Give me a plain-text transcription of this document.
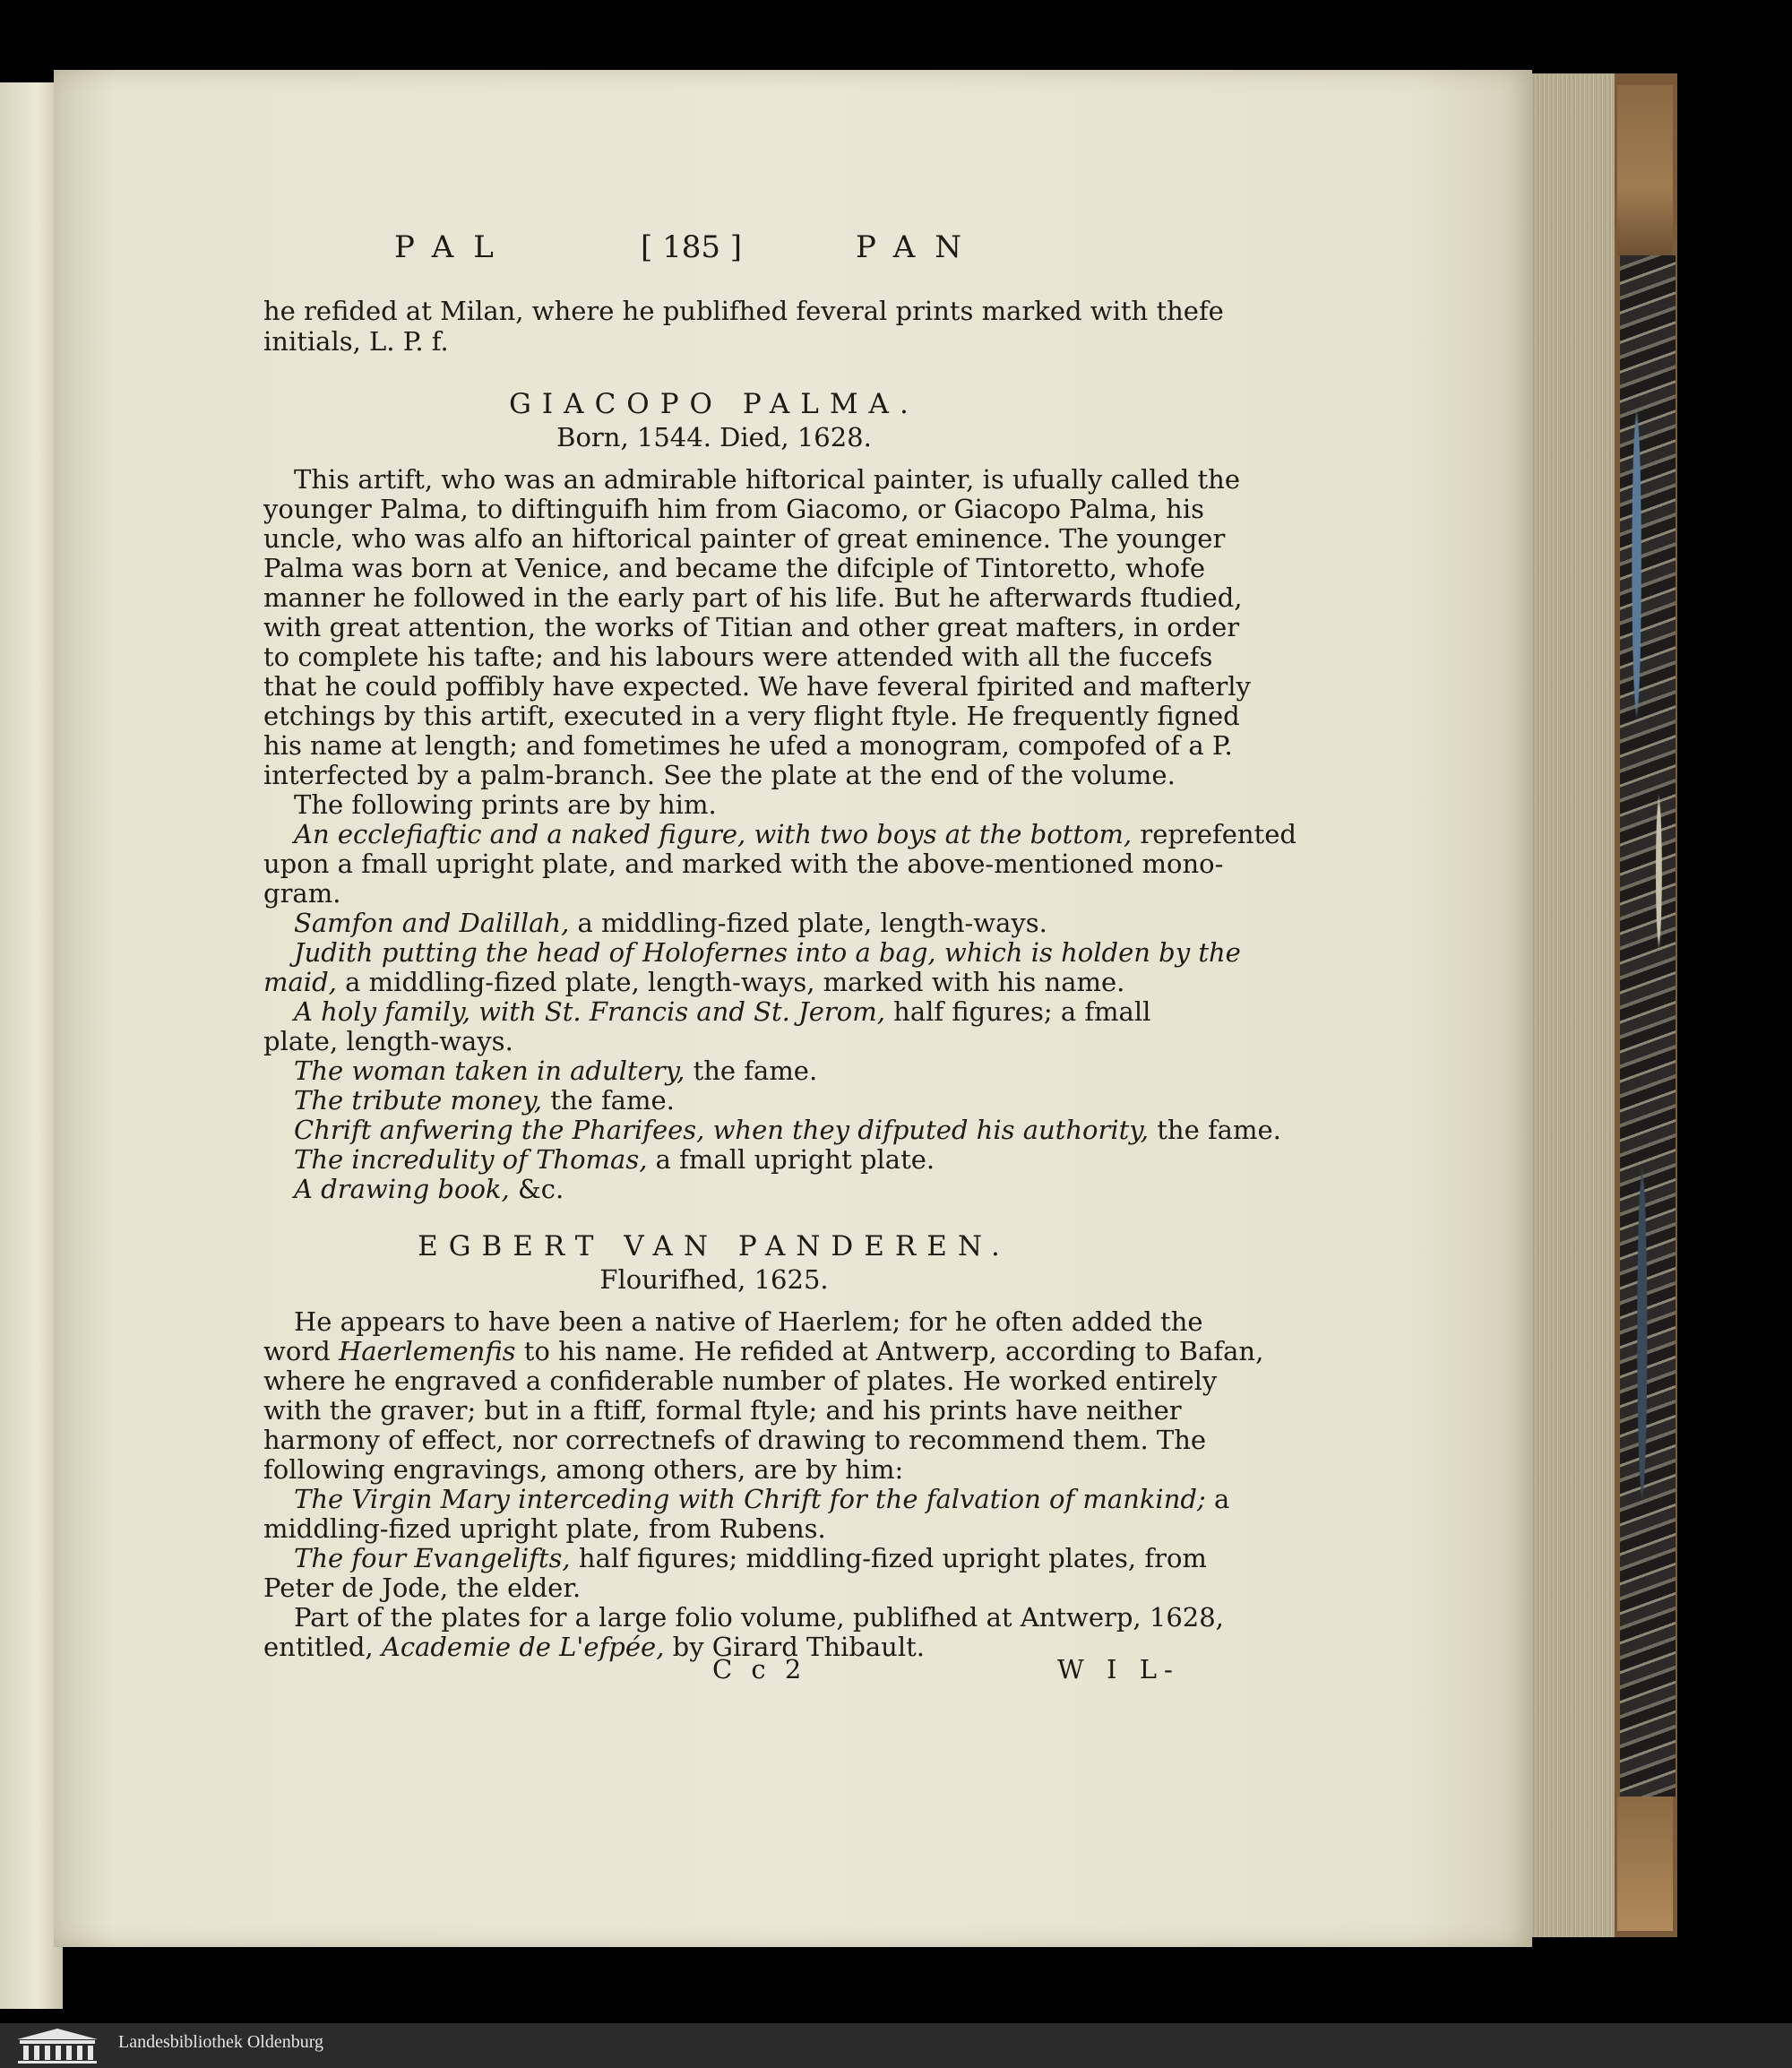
PAL	[ 185 ]	PAN
he refided at Milan, where he publifhed feveral prints marked with thefe
initials, L. P. f.
GIACOPO PALMA.
Born, 1544. Died, 1628.
This artift, who was an admirable hiftorical painter, is ufually called the
younger Palma, to diftinguifh him from Giacomo, or Giacopo Palma, his
uncle, who was alfo an hiftorical painter of great eminence. The younger
Palma was born at Venice, and became the difciple of Tintoretto, whofe
manner he followed in the early part of his life. But he afterwards ftudied,
with great attention, the works of Titian and other great mafters, in order
to complete his tafte; and his labours were attended with all the fuccefs
that he could poffibly have expected. We have feveral fpirited and mafterly
etchings by this artift, executed in a very flight ftyle. He frequently figned
his name at length; and fometimes he ufed a monogram, compofed of a P.
interfected by a palm-branch. See the plate at the end of the volume.
The following prints are by him.
An ecclefiaftic and a naked figure, with two boys at the bottom, reprefented
upon a fmall upright plate, and marked with the above-mentioned mono-
gram.
Samfon and Dalillah, a middling-fized plate, length-ways.
Judith putting the head of Holofernes into a bag, which is holden by the
maid, a middling-fized plate, length-ways, marked with his name.
A holy family, with St. Francis and St. Jerom, half figures; a fmall
plate, length-ways.
The woman taken in adultery, the fame.
The tribute money, the fame.
Chrift anfwering the Pharifees, when they difputed his authority, the fame.
The incredulity of Thomas, a fmall upright plate.
A drawing book, &c.
EGBERT VAN PANDEREN.
Flourifhed, 1625.
He appears to have been a native of Haerlem; for he often added the
word Haerlemenfis to his name. He refided at Antwerp, according to Bafan,
where he engraved a confiderable number of plates. He worked entirely
with the graver; but in a ftiff, formal ftyle; and his prints have neither
harmony of effect, nor correctnefs of drawing to recommend them. The
following engravings, among others, are by him:
The Virgin Mary interceding with Chrift for the falvation of mankind; a
middling-fized upright plate, from Rubens.
The four Evangelifts, half figures; middling-fized upright plates, from
Peter de Jode, the elder.
Part of the plates for a large folio volume, publifhed at Antwerp, 1628,
entitled, Academie de L'efpée, by Girard Thibault.
C c 2	W I L-
Landesbibliothek Oldenburg
